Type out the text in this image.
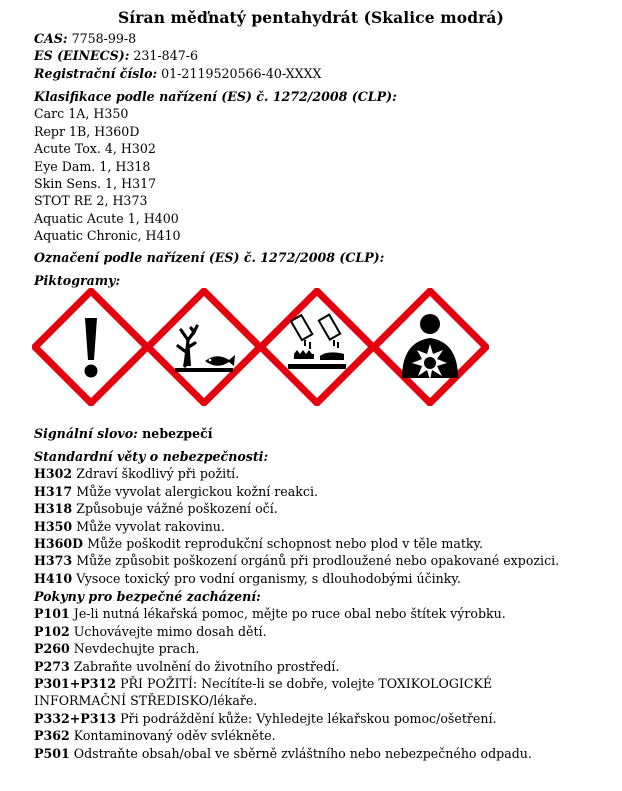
Síran měďnatý pentahydrát (Skalice modrá)
CAS: 7758-99-8
ES (EINECS): 231-847-6
Registrační číslo: 01-2119520566-40-XXXX
Klasifikace podle nařízení (ES) č. 1272/2008 (CLP):
Carc 1A, H350
Repr 1B, H360D
Acute Tox. 4, H302
Eye Dam. 1, H318
Skin Sens. 1, H317
STOT RE 2, H373
Aquatic Acute 1, H400
Aquatic Chronic, H410
Označení podle nařízení (ES) č. 1272/2008 (CLP):
Piktogramy:
Signální slovo: nebezpečí
Standardní věty o nebezpečnosti:
H302 Zdraví škodlivý při požití.
H317 Může vyvolat alergickou kožní reakci.
H318 Způsobuje vážné poškození očí.
H350 Může vyvolat rakovinu.
H360D Může poškodit reprodukční schopnost nebo plod v těle matky.
H373 Může způsobit poškození orgánů při prodloužené nebo opakované expozici.
H410 Vysoce toxický pro vodní organismy, s dlouhodobými účinky.
Pokyny pro bezpečné zacházení:
P101 Je-li nutná lékařská pomoc, mějte po ruce obal nebo štítek výrobku.
P102 Uchovávejte mimo dosah dětí.
P260 Nevdechujte prach.
P273 Zabraňte uvolnění do životního prostředí.
P301+P312 PŘI POŽITÍ: Necítíte-li se dobře, volejte TOXIKOLOGICKÉ INFORMAČNÍ STŘEDISKO/lékaře.
P332+P313 Při podráždění kůže: Vyhledejte lékařskou pomoc/ošetření.
P362 Kontaminovaný oděv svlékněte.
P501 Odstraňte obsah/obal ve sběrně zvláštního nebo nebezpečného odpadu.
